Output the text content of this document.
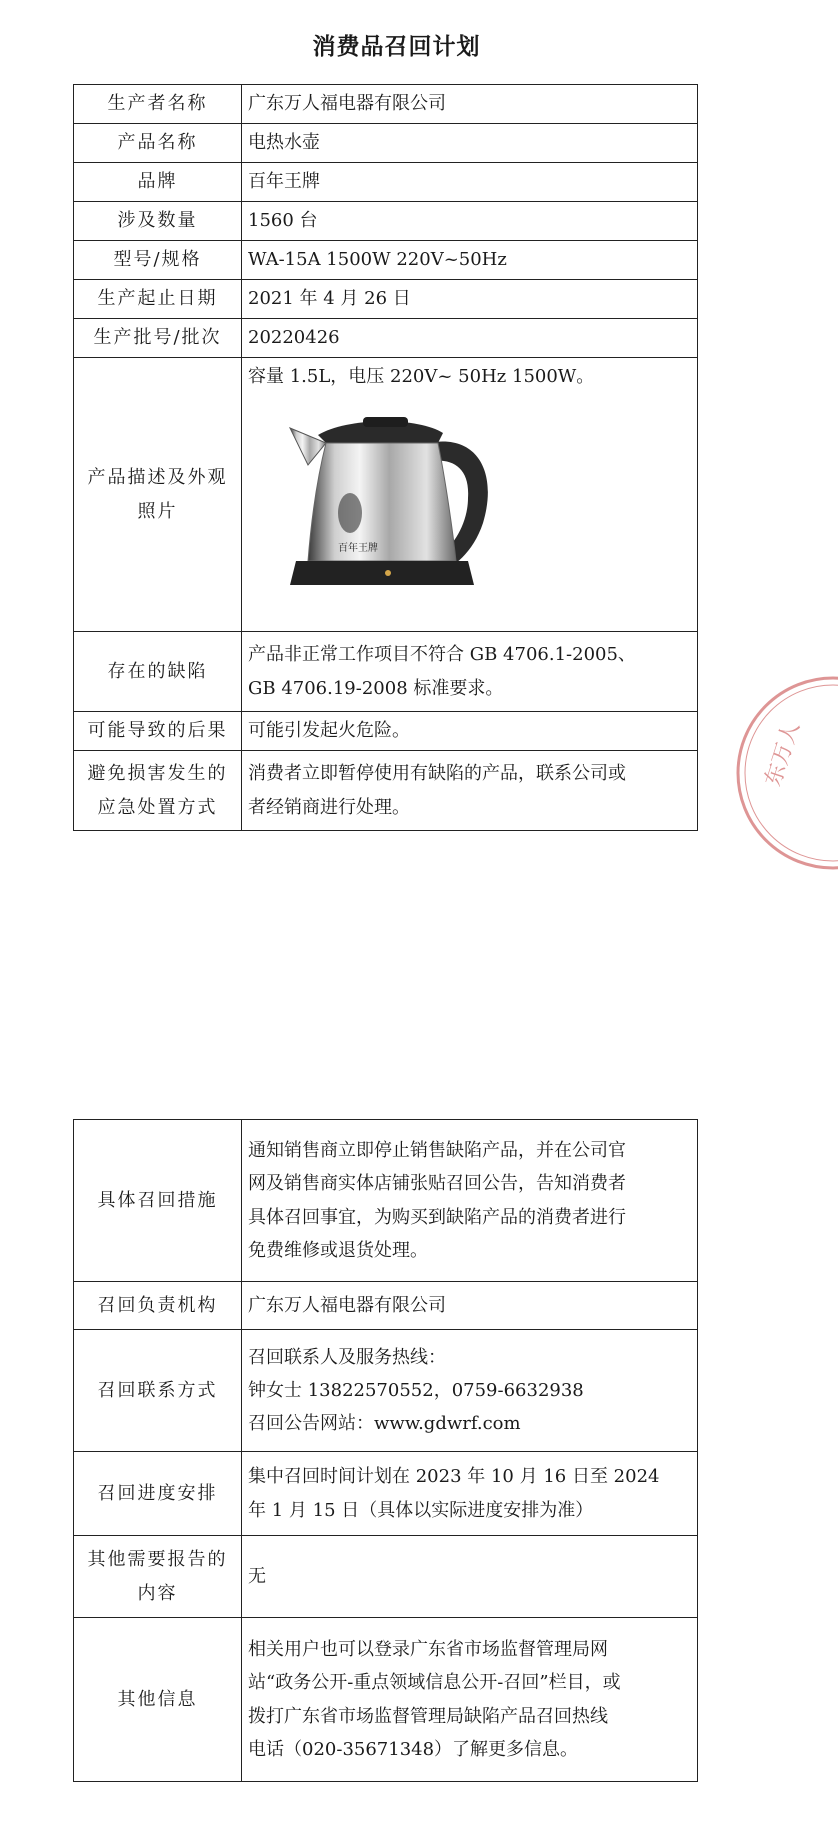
消费品召回计划
生产者名称	广东万人福电器有限公司
产品名称	电热水壶
品牌	百年王牌
涉及数量	1560 台
型号/规格	WA-15A 1500W 220V~50Hz
生产起止日期	2021 年 4 月 26 日
生产批号/批次	20220426

产品描述及外观
照片	容量 1.5L，电压 220V~ 50Hz 1500W。
百年王牌

存在的缺陷	产品非正常工作项目不符合 GB 4706.1-2005、
GB 4706.19-2008 标准要求。

可能导致的后果	可能引发起火危险。

避免损害发生的
应急处置方式	消费者立即暂停使用有缺陷的产品，联系公司或
者经销商进行处理。
东万人
具体召回措施	通知销售商立即停止销售缺陷产品，并在公司官
网及销售商实体店铺张贴召回公告，告知消费者
具体召回事宜，为购买到缺陷产品的消费者进行
免费维修或退货处理。

召回负责机构	广东万人福电器有限公司
召回联系方式	召回联系人及服务热线：
钟女士 13822570552，0759-6632938
召回公告网站：www.gdwrf.com

召回进度安排	集中召回时间计划在 2023 年 10 月 16 日至 2024
年 1 月 15 日（具体以实际进度安排为准）

其他需要报告的
内容	无
其他信息	相关用户也可以登录广东省市场监督管理局网
站“政务公开-重点领域信息公开-召回”栏目，或
拨打广东省市场监督管理局缺陷产品召回热线
电话（020-35671348）了解更多信息。
